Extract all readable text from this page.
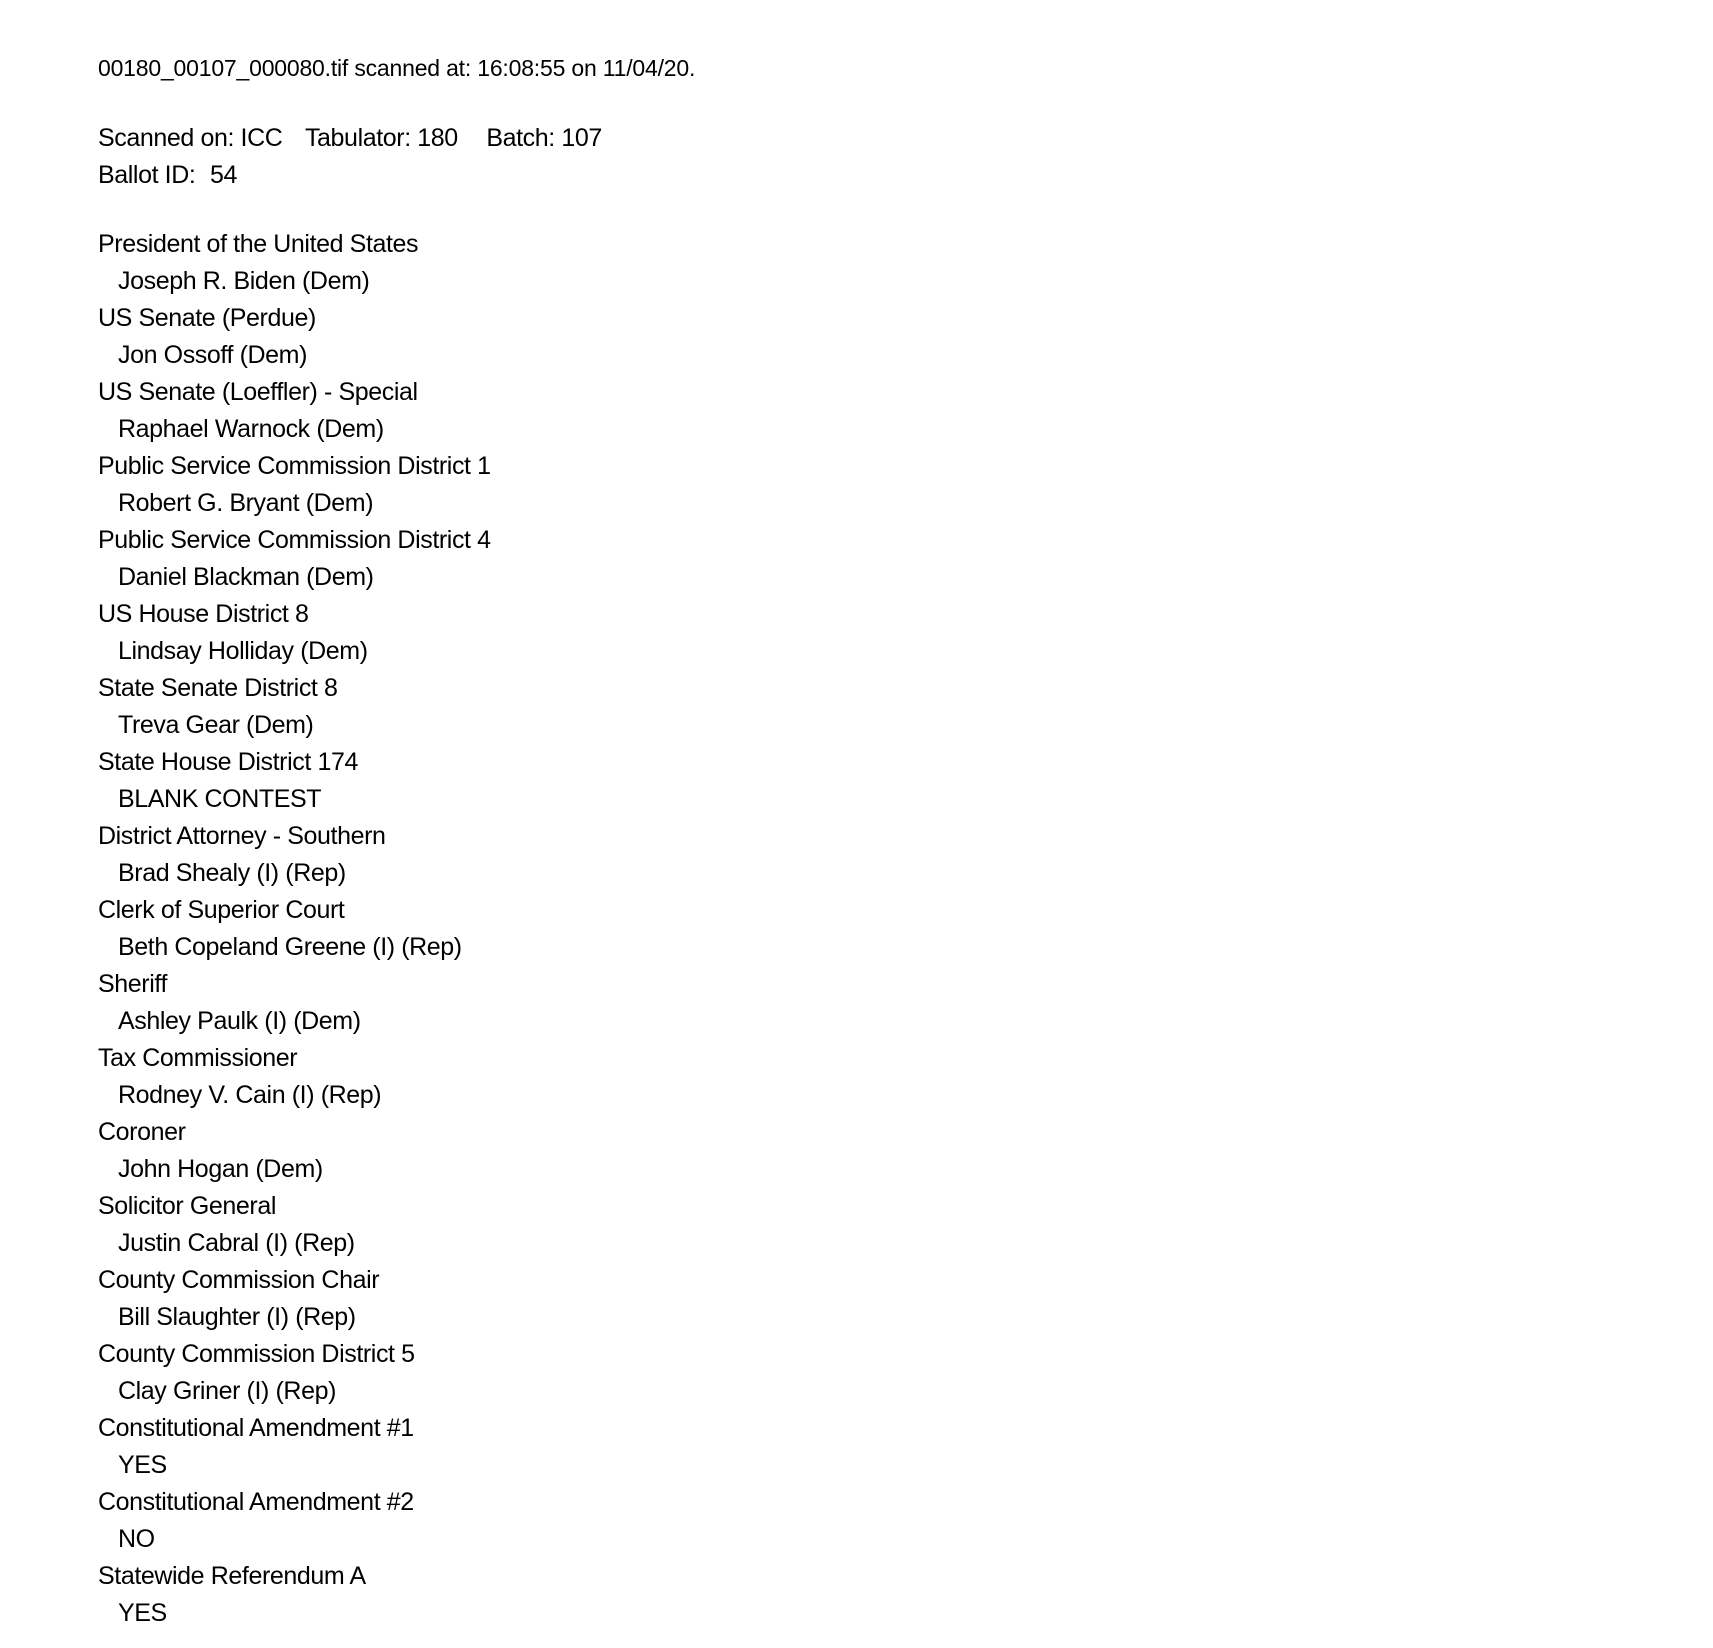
00180_00107_000080.tif scanned at: 16:08:55 on 11/04/20.

Scanned on: ICC Tabulator: 180 Batch: 107

Ballot ID: 54

President of the United States

Joseph R. Biden (Dem)

US Senate (Perdue)

Jon Ossoff (Dem)

US Senate (Loeffler) - Special

Raphael Warnock (Dem)

Public Service Commission District 1

Robert G. Bryant (Dem)

Public Service Commission District 4

Daniel Blackman (Dem)

US House District 8

Lindsay Holliday (Dem)

State Senate District 8

Treva Gear (Dem)

State House District 174

BLANK CONTEST

District Attorney - Southern

Brad Shealy (I) (Rep)

Clerk of Superior Court

Beth Copeland Greene (I) (Rep)

Sheriff

Ashley Paulk (I) (Dem)

Tax Commissioner

Rodney V. Cain (I) (Rep)

Coroner

John Hogan (Dem)

Solicitor General

Justin Cabral (I) (Rep)

County Commission Chair

Bill Slaughter (I) (Rep)

County Commission District 5

Clay Griner (I) (Rep)

Constitutional Amendment #1

YES

Constitutional Amendment #2

NO

Statewide Referendum A

YES
